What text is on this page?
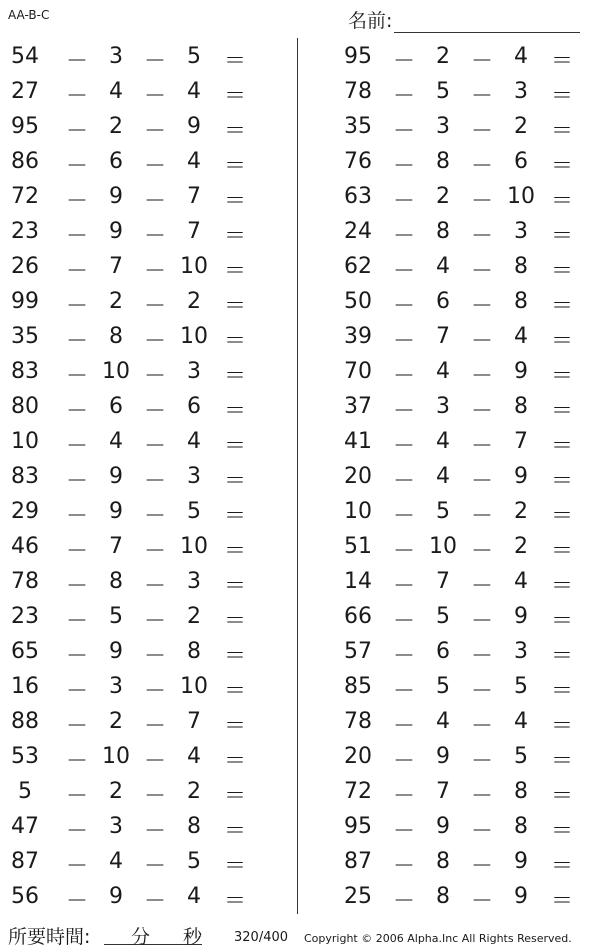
AA-B-C	名前:
54	－ 3 － 5	＝
27	－ 4 － 4	＝
95	－ 2 － 9	＝
86	－ 6 － 4	＝
72	－ 9 － 7	＝
23	－ 9 － 7	＝
26	－ 7 － 10 ＝
99	－ 2 － 2	＝
35	－ 8 － 10 ＝
83	－ 10 － 3	＝
80	－ 6 － 6	＝
10	－ 4 － 4	＝
83	－ 9 － 3	＝
29	－ 9 － 5	＝
46	－ 7 － 10 ＝
78	－ 8 － 3	＝
23	－ 5 － 2	＝
65	－ 9 － 8	＝
16	－ 3 － 10 ＝
88	－ 2 － 7	＝
53	－ 10 － 4	＝
5	－ 2 － 2	＝
47	－ 3 － 8	＝
87	－ 4 － 5	＝
56	－ 9 － 4	＝
95 － 2 － 4	＝
78 － 5 － 3	＝
35 － 3 － 2	＝
76 － 8 － 6	＝
63 － 2 － 10 ＝
24 － 8 － 3	＝
62 － 4 － 8	＝
50 － 6 － 8	＝
39 － 7 － 4	＝
70 － 4 － 9	＝
37 － 3 － 8	＝
41 － 4 － 7	＝
20 － 4 － 9	＝
10 － 5 － 2	＝
51 － 10 － 2	＝
14 － 7 － 4	＝
66 － 5 － 9	＝
57 － 6 － 3	＝
85 － 5 － 5	＝
78 － 4 － 4	＝
20 － 9 － 5	＝
72 － 7 － 8	＝
95 － 9 － 8	＝
87 － 8 － 9	＝
25 － 8 － 9	＝
所要時間: 分 秒 320/400 Copyright © 2006 Alpha.Inc All Rights Reserved.
